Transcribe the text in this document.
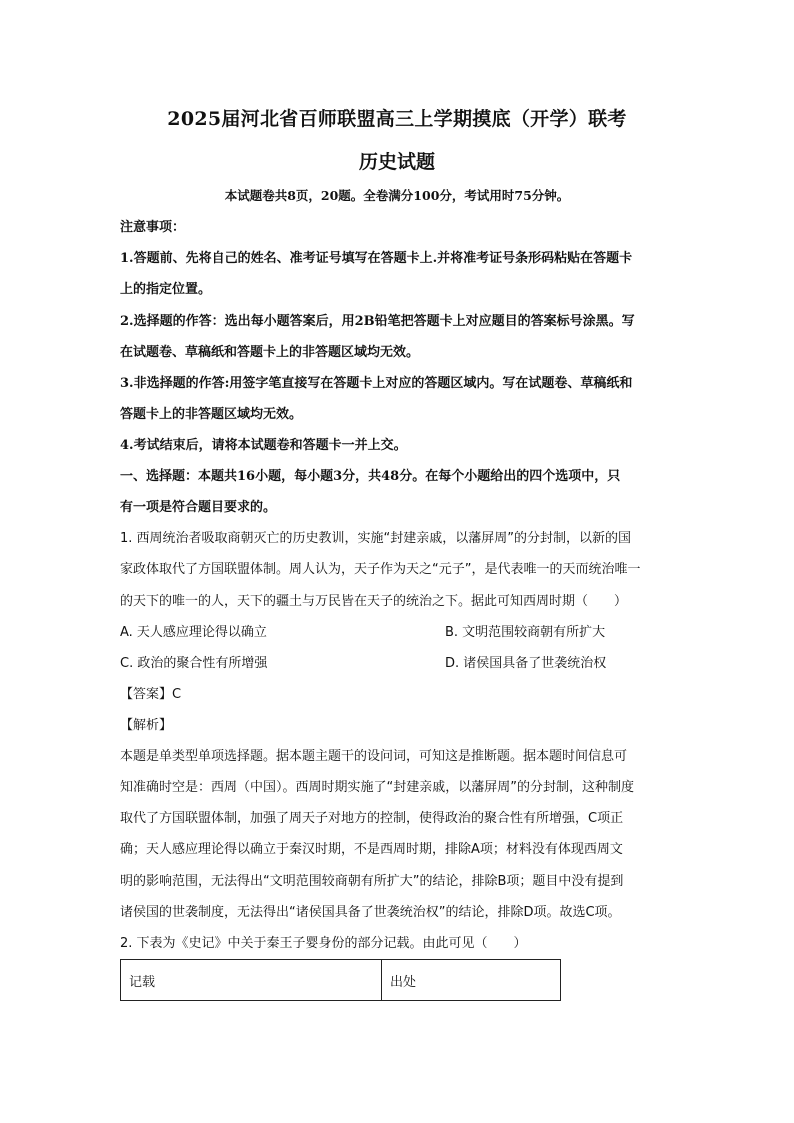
2025届河北省百师联盟高三上学期摸底（开学）联考
历史试题
本试题卷共8页，20题。全卷满分100分，考试用时75分钟。
注意事项：
1.答题前、先将自己的姓名、准考证号填写在答题卡上.并将准考证号条形码粘贴在答题卡
上的指定位置。
2.选择题的作答：选出每小题答案后，用2B铅笔把答题卡上对应题目的答案标号涂黑。写
在试题卷、草稿纸和答题卡上的非答题区域均无效。
3.非选择题的作答:用签字笔直接写在答题卡上对应的答题区域内。写在试题卷、草稿纸和
答题卡上的非答题区域均无效。
4.考试结束后，请将本试题卷和答题卡一并上交。
一、选择题：本题共16小题，每小题3分，共48分。在每个小题给出的四个选项中，只
有一项是符合题目要求的。
1. 西周统治者吸取商朝灭亡的历史教训，实施“封建亲戚，以藩屏周”的分封制，以新的国
家政体取代了方国联盟体制。周人认为，天子作为天之“元子”，是代表唯一的天而统治唯一
的天下的唯一的人，天下的疆土与万民皆在天子的统治之下。据此可知西周时期（　　）
A. 天人感应理论得以确立	B. 文明范围较商朝有所扩大
C. 政治的聚合性有所增强	D. 诸侯国具备了世袭统治权
【答案】C
【解析】
本题是单类型单项选择题。据本题主题干的设问词，可知这是推断题。据本题时间信息可
知准确时空是：西周（中国）。西周时期实施了“封建亲戚，以藩屏周”的分封制，这种制度
取代了方国联盟体制，加强了周天子对地方的控制，使得政治的聚合性有所增强，C项正
确；天人感应理论得以确立于秦汉时期，不是西周时期，排除A项；材料没有体现西周文
明的影响范围，无法得出“文明范围较商朝有所扩大”的结论，排除B项；题目中没有提到
诸侯国的世袭制度，无法得出“诸侯国具备了世袭统治权”的结论，排除D项。故选C项。
2. 下表为《史记》中关于秦王子婴身份的部分记载。由此可见（　　）
记载	出处
